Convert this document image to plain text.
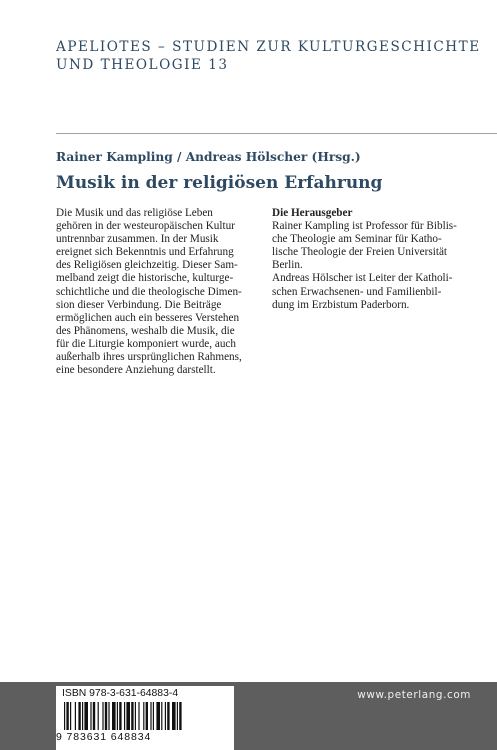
APELIOTES – STUDIEN ZUR KULTURGESCHICHTE
UND THEOLOGIE 13
Rainer Kampling / Andreas Hölscher (Hrsg.)
Musik in der religiösen Erfahrung
Die Musik und das religiöse Leben
gehören in der westeuropäischen Kultur
untrennbar zusammen. In der Musik
ereignet sich Bekenntnis und Erfahrung
des Religiösen gleichzeitig. Dieser Sam-
melband zeigt die historische, kulturge-
schichtliche und die theologische Dimen-
sion dieser Verbindung. Die Beiträge
ermöglichen auch ein besseres Verstehen
des Phänomens, weshalb die Musik, die
für die Liturgie komponiert wurde, auch
außerhalb ihres ursprünglichen Rahmens,
eine besondere Anziehung darstellt.
Die Herausgeber
Rainer Kampling ist Professor für Biblis-
che Theologie am Seminar für Katho-
lische Theologie der Freien Universität
Berlin.
Andreas Hölscher ist Leiter der Katholi-
schen Erwachsenen- und Familienbil-
dung im Erzbistum Paderborn.
ISBN 978-3-631-64883-4
9 783631 648834
www.peterlang.com
